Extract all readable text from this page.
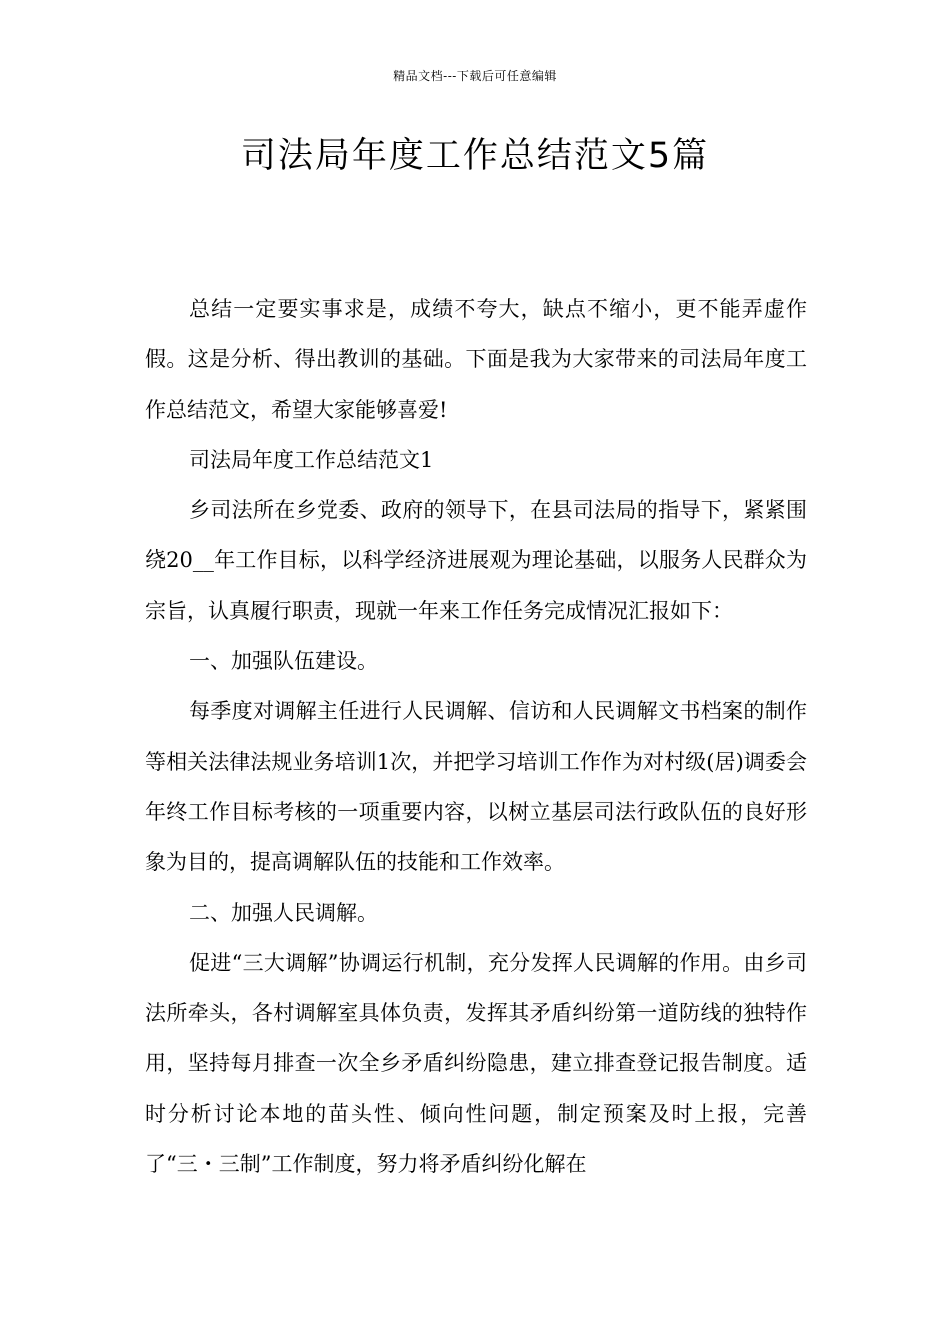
精品文档---下载后可任意编辑
司法局年度工作总结范文5篇

总结一定要实事求是，成绩不夸大，缺点不缩小，更不能弄虚作假。这是分析、得出教训的基础。下面是我为大家带来的司法局年度工作总结范文，希望大家能够喜爱!

司法局年度工作总结范文1

乡司法所在乡党委、政府的领导下，在县司法局的指导下，紧紧围绕20__年工作目标，以科学经济进展观为理论基础，以服务人民群众为宗旨，认真履行职责，现就一年来工作任务完成情况汇报如下：

一、加强队伍建设。

每季度对调解主任进行人民调解、信访和人民调解文书档案的制作等相关法律法规业务培训1次，并把学习培训工作作为对村级(居)调委会年终工作目标考核的一项重要内容，以树立基层司法行政队伍的良好形象为目的，提高调解队伍的技能和工作效率。

二、加强人民调解。

促进“三大调解”协调运行机制，充分发挥人民调解的作用。由乡司法所牵头，各村调解室具体负责，发挥其矛盾纠纷第一道防线的独特作用，坚持每月排查一次全乡矛盾纠纷隐患，建立排查登记报告制度。适时分析讨论本地的苗头性、倾向性问题，制定预案及时上报，完善了“三・三制”工作制度，努力将矛盾纠纷化解在
